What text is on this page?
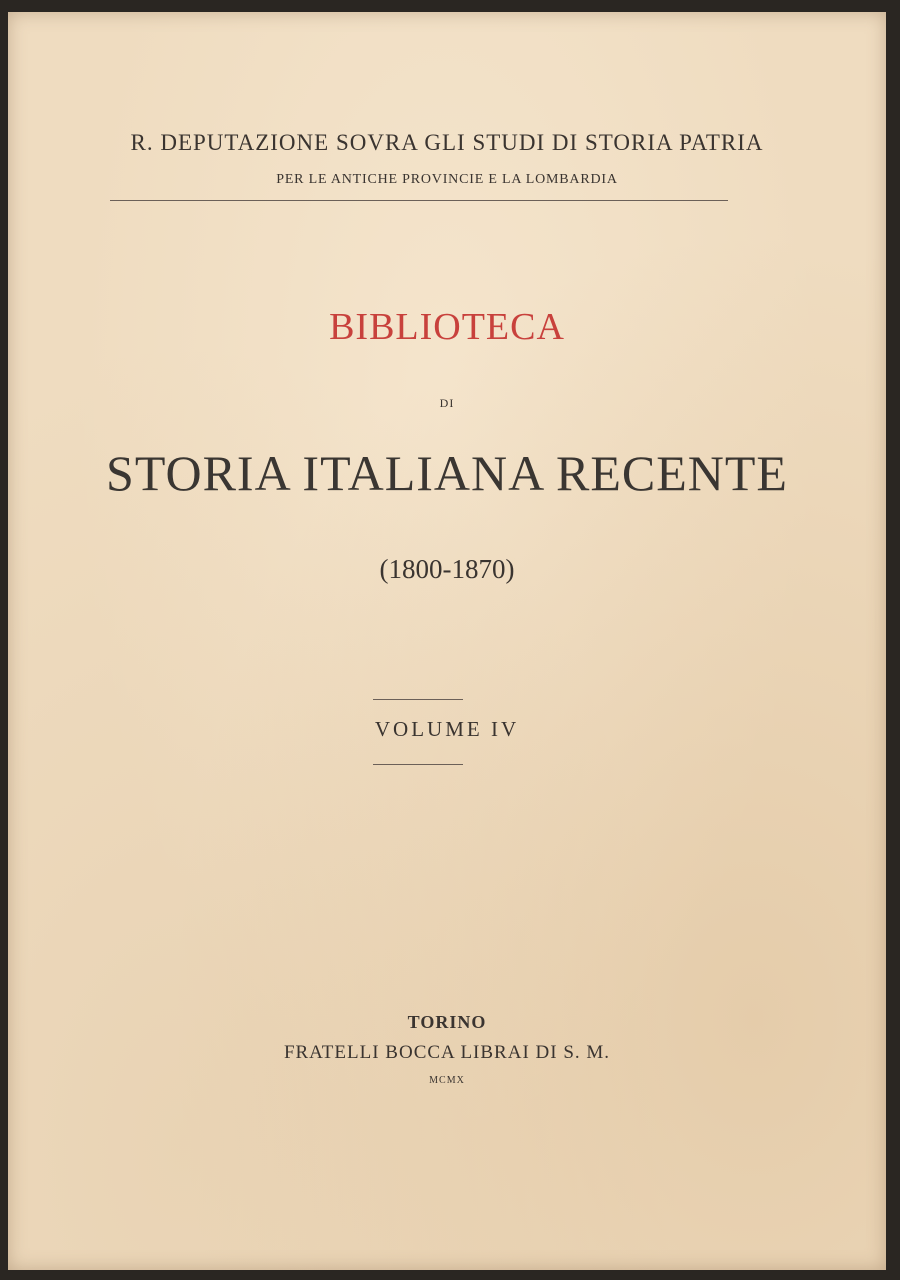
R. DEPUTAZIONE SOVRA GLI STUDI DI STORIA PATRIA
PER LE ANTICHE PROVINCIE E LA LOMBARDIA
BIBLIOTECA
DI
STORIA ITALIANA RECENTE
(1800-1870)
VOLUME IV
TORINO
FRATELLI BOCCA LIBRAI DI S. M.
MCMX
